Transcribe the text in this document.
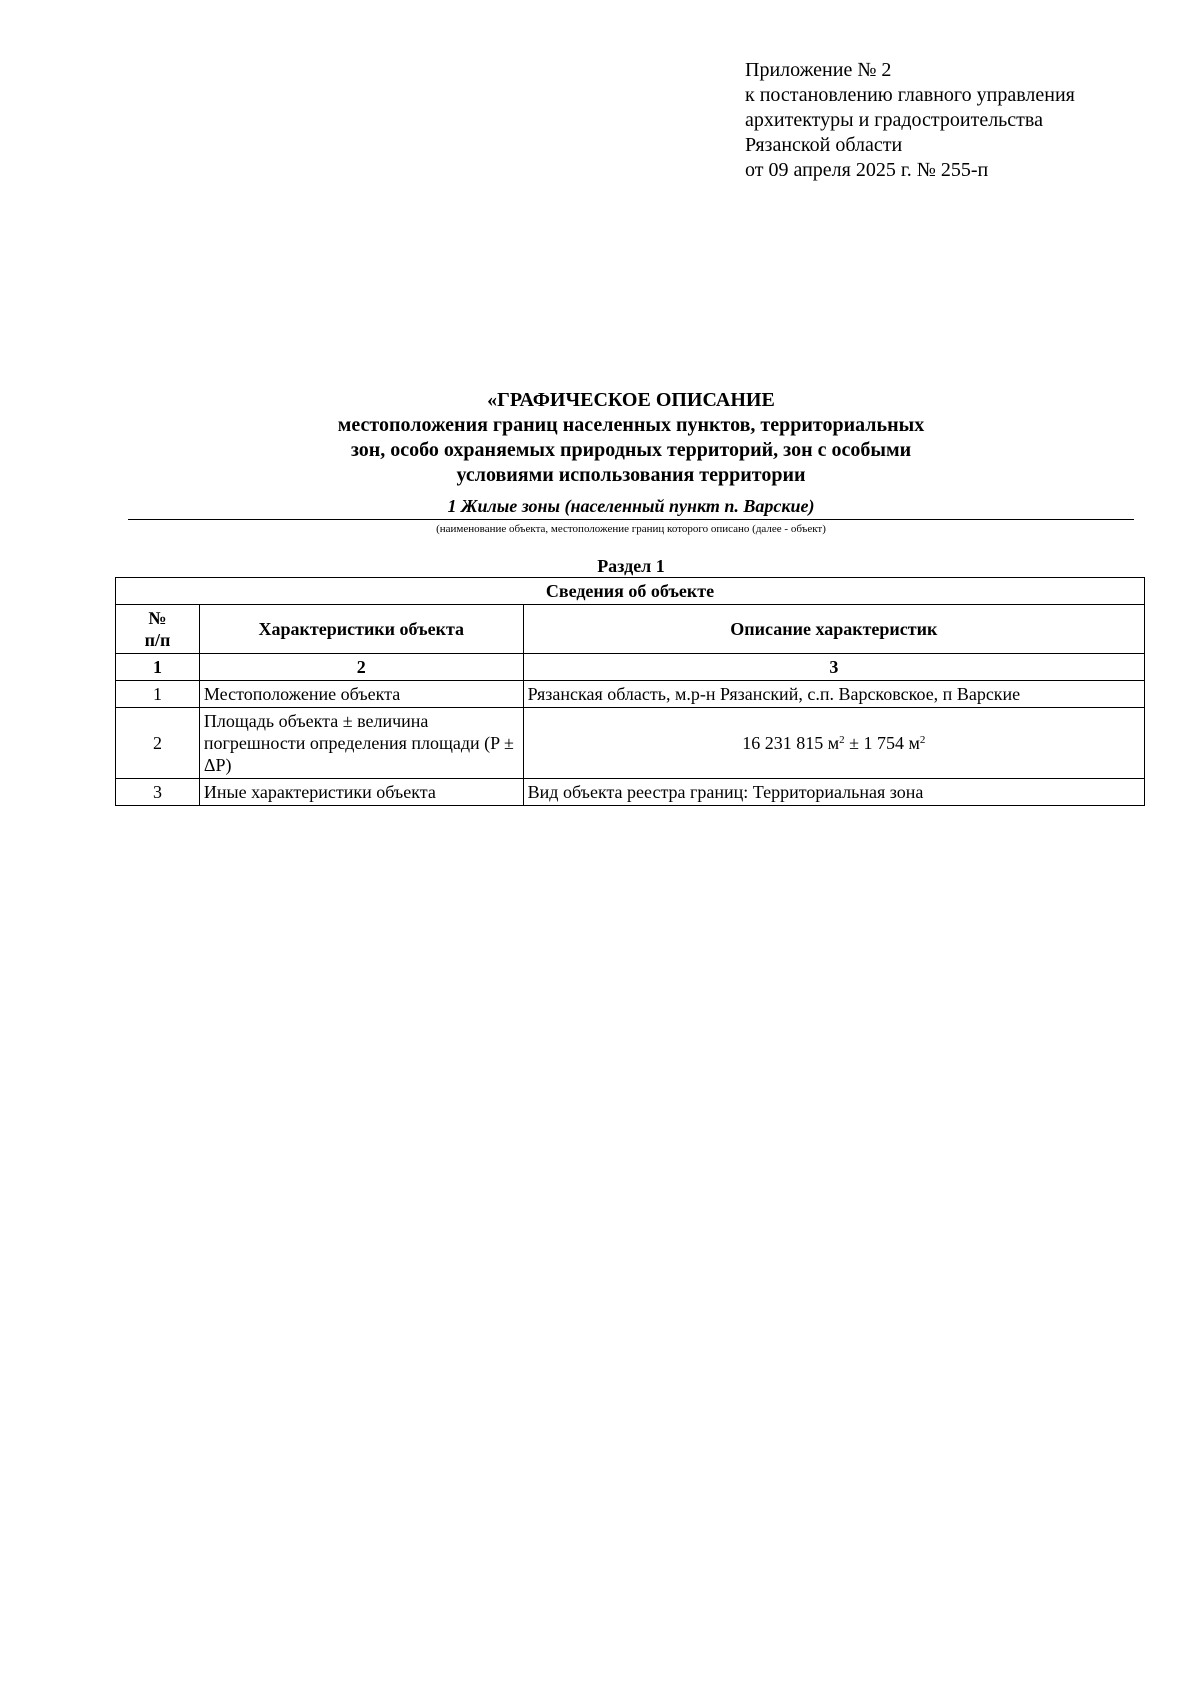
Приложение № 2
к постановлению главного управления
архитектуры и градостроительства
Рязанской области
от 09 апреля 2025 г. № 255-п
«ГРАФИЧЕСКОЕ ОПИСАНИЕ
местоположения границ населенных пунктов, территориальных
зон, особо охраняемых природных территорий, зон с особыми
условиями использования территории
1 Жилые зоны (населенный пункт п. Варские)
(наименование объекта, местоположение границ которого описано (далее - объект)
Раздел 1
Сведения об объекте		
№
п/п	Характеристики объекта	Описание характеристик
1	2	3
1	Местоположение объекта	Рязанская область, м.р-н Рязанский, с.п. Варсковское, п Варские
2	Площадь объекта ± величина погрешности определения площади (P ± ΔP)	16 231 815 $м^2 \pm 1$ 754 $м^2$
3	Иные характеристики объекта	Вид объекта реестра границ: Территориальная зона
